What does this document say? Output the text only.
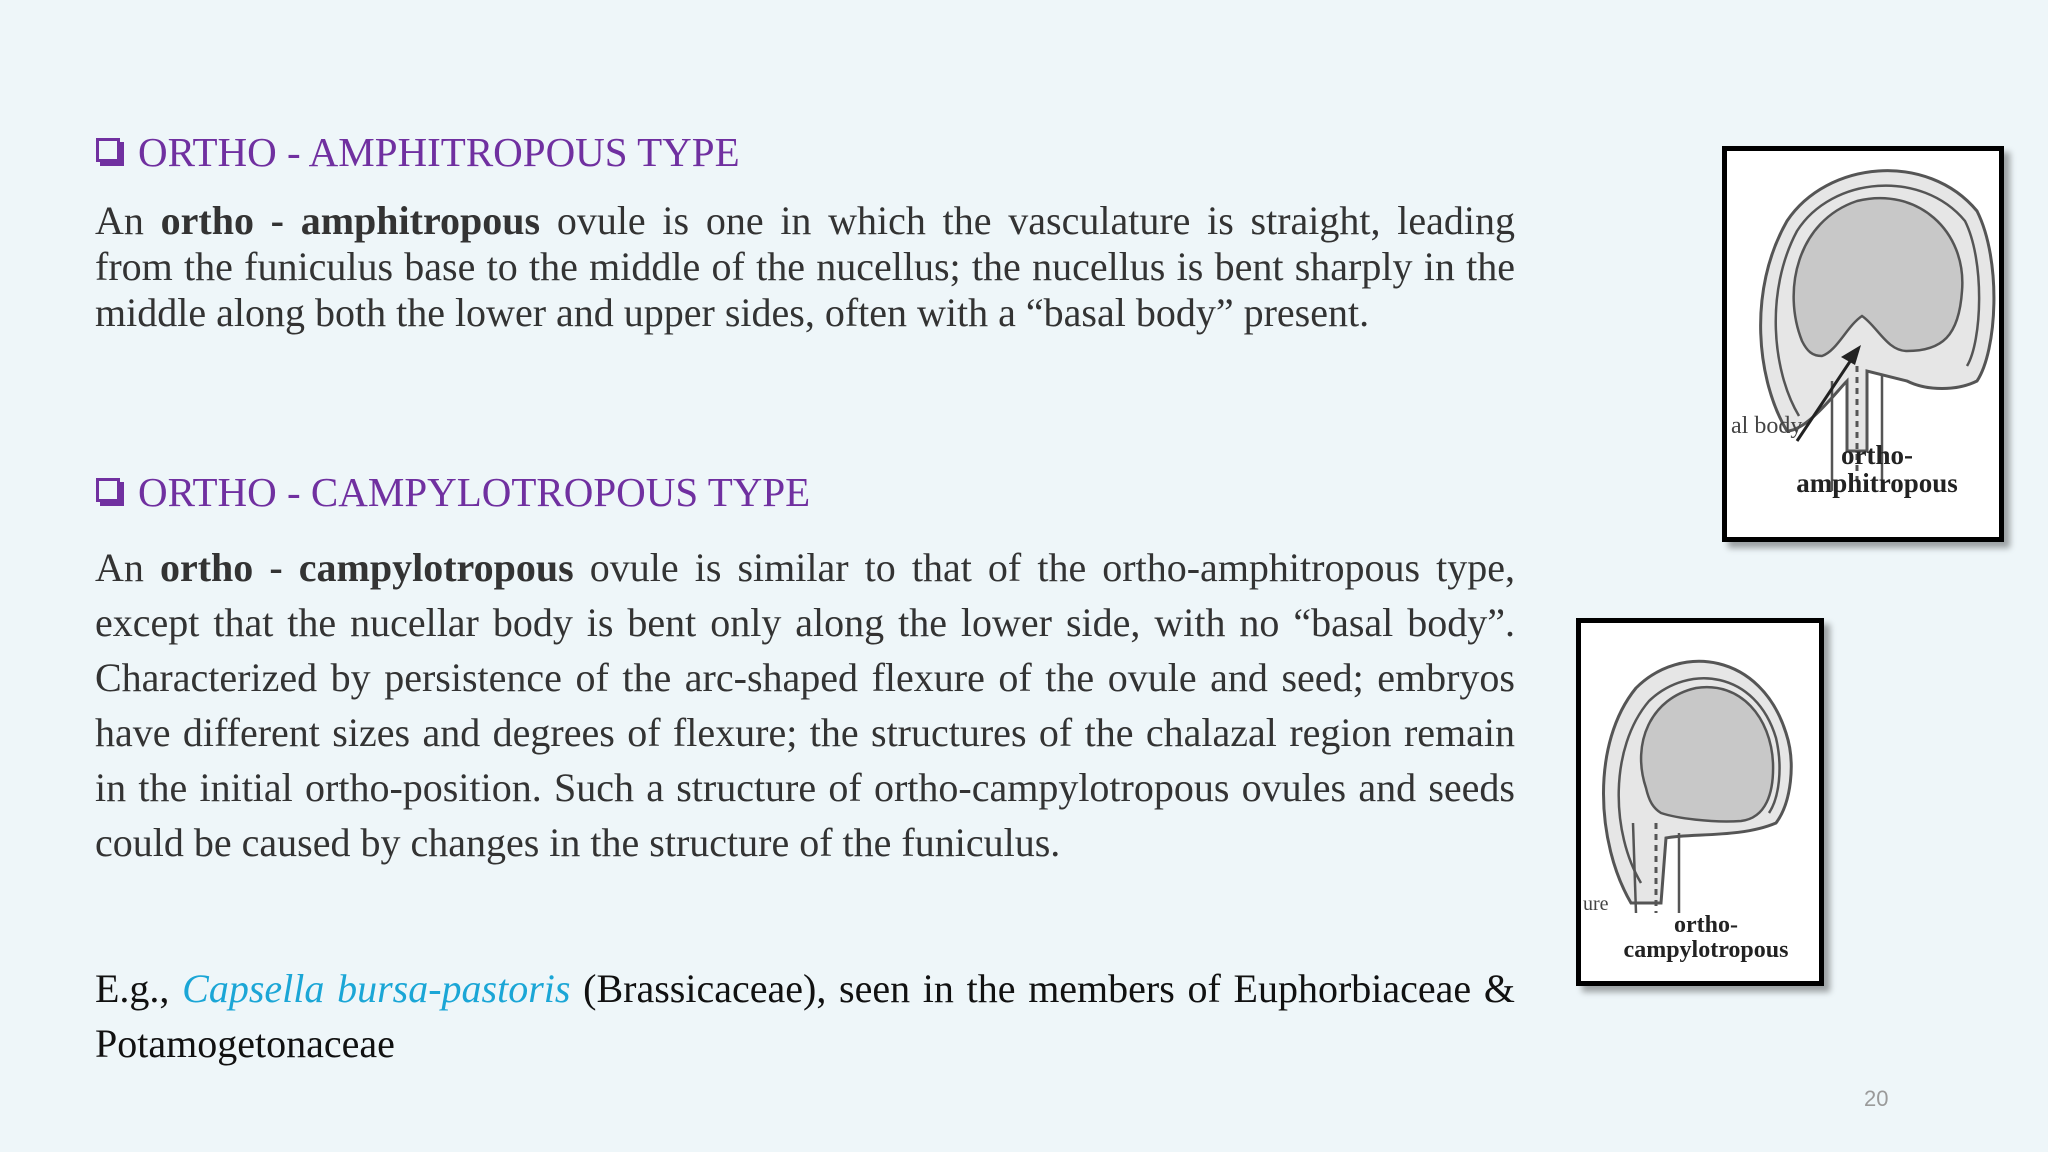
ORTHO - AMPHITROPOUS TYPE
An ortho - amphitropous ovule is one in which the vasculature is straight, leading from the funiculus base to the middle of the nucellus; the nucellus is bent sharply in the middle along both the lower and upper sides, often with a “basal body” present.
ORTHO - CAMPYLOTROPOUS TYPE
An ortho - campylotropous ovule is similar to that of the ortho-amphitropous type, except that the nucellar body is bent only along the lower side, with no “basal body”. Characterized by persistence of the arc-shaped flexure of the ovule and seed; embryos have different sizes and degrees of flexure; the structures of the chalazal region remain in the initial ortho-position. Such a structure of ortho-campylotropous ovules and seeds could be caused by changes in the structure of the funiculus.
E.g., Capsella bursa-pastoris (Brassicaceae), seen in the members of Euphorbiaceae & Potamogetonaceae
al body
ortho-
amphitropous
ure
ortho-
campylotropous
20
